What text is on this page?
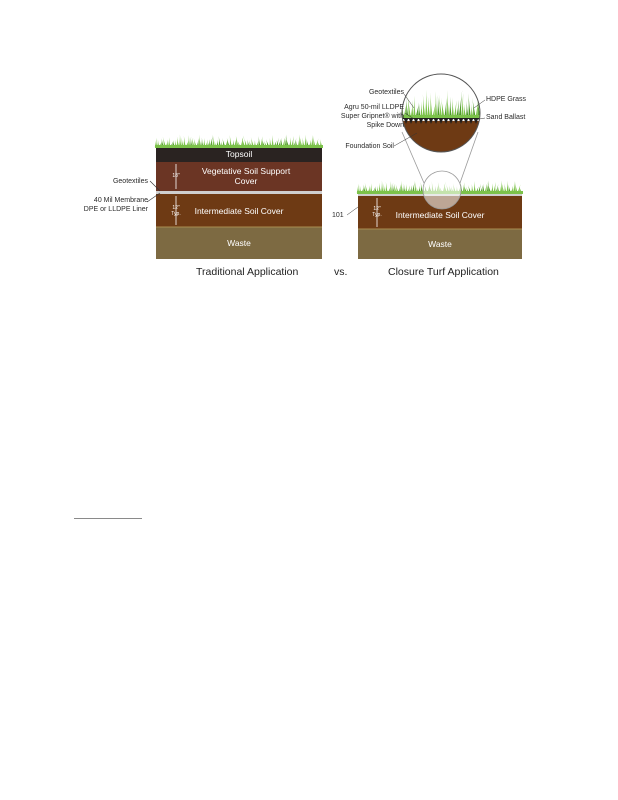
Topsoil
Vegetative Soil Support Cover
Intermediate Soil Cover
Waste
18"
12" Typ.
Geotextiles
40 Mil Membrane DPE or LLDPE Liner
Intermediate Soil Cover
Waste
12" Typ.
101
Geotextiles
Agru 50-mil LLDPE Super Gripnet® with Spike Down
Foundation Soil
HDPE Grass
Sand Ballast
Traditional Application	vs.	Closure Turf Application
